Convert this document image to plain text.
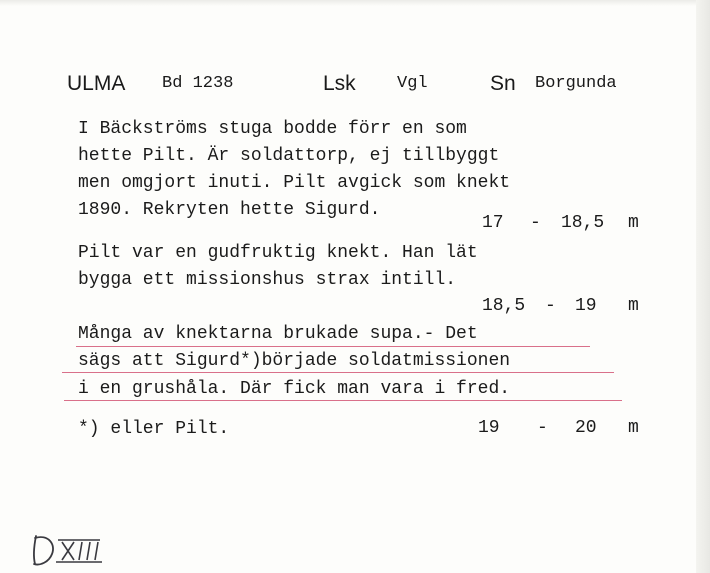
ULMA Bd 1238	Lsk Vgl	Sn Borgunda
I Bäckströms stuga bodde förr en som
hette Pilt. Är soldattorp, ej tillbyggt
men omgjort inuti. Pilt avgick som knekt
1890. Rekryten hette Sigurd.
17 - 18,5 m
Pilt var en gudfruktig knekt. Han lät
bygga ett missionshus strax intill.
18,5 - 19 m
Många av knektarna brukade supa.- Det
sägs att Sigurd*)började soldatmissionen
i en grushåla. Där fick man vara i fred.
*) eller Pilt.	19 - 20 m
